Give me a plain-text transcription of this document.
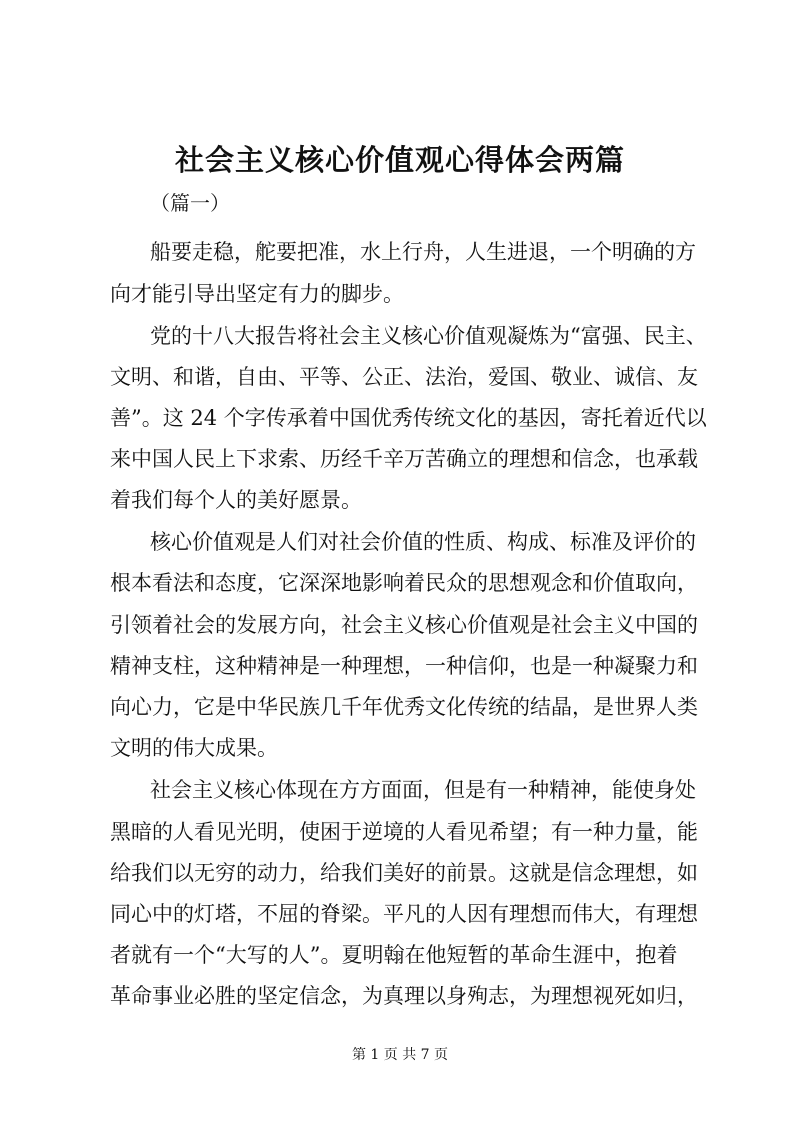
社会主义核心价值观心得体会两篇
（篇一）
船要走稳，舵要把准，水上行舟，人生进退，一个明确的方
向才能引导出坚定有力的脚步。
党的十八大报告将社会主义核心价值观凝炼为“富强、民主、
文明、和谐，自由、平等、公正、法治，爱国、敬业、诚信、友
善”。这 24 个字传承着中国优秀传统文化的基因，寄托着近代以
来中国人民上下求索、历经千辛万苦确立的理想和信念，也承载
着我们每个人的美好愿景。
核心价值观是人们对社会价值的性质、构成、标准及评价的
根本看法和态度，它深深地影响着民众的思想观念和价值取向，
引领着社会的发展方向，社会主义核心价值观是社会主义中国的
精神支柱，这种精神是一种理想，一种信仰，也是一种凝聚力和
向心力，它是中华民族几千年优秀文化传统的结晶，是世界人类
文明的伟大成果。
社会主义核心体现在方方面面，但是有一种精神，能使身处
黑暗的人看见光明，使困于逆境的人看见希望；有一种力量，能
给我们以无穷的动力，给我们美好的前景。这就是信念理想，如
同心中的灯塔，不屈的脊梁。平凡的人因有理想而伟大，有理想
者就有一个“大写的人”。夏明翰在他短暂的革命生涯中，抱着
革命事业必胜的坚定信念，为真理以身殉志，为理想视死如归，
第 1 页 共 7 页
